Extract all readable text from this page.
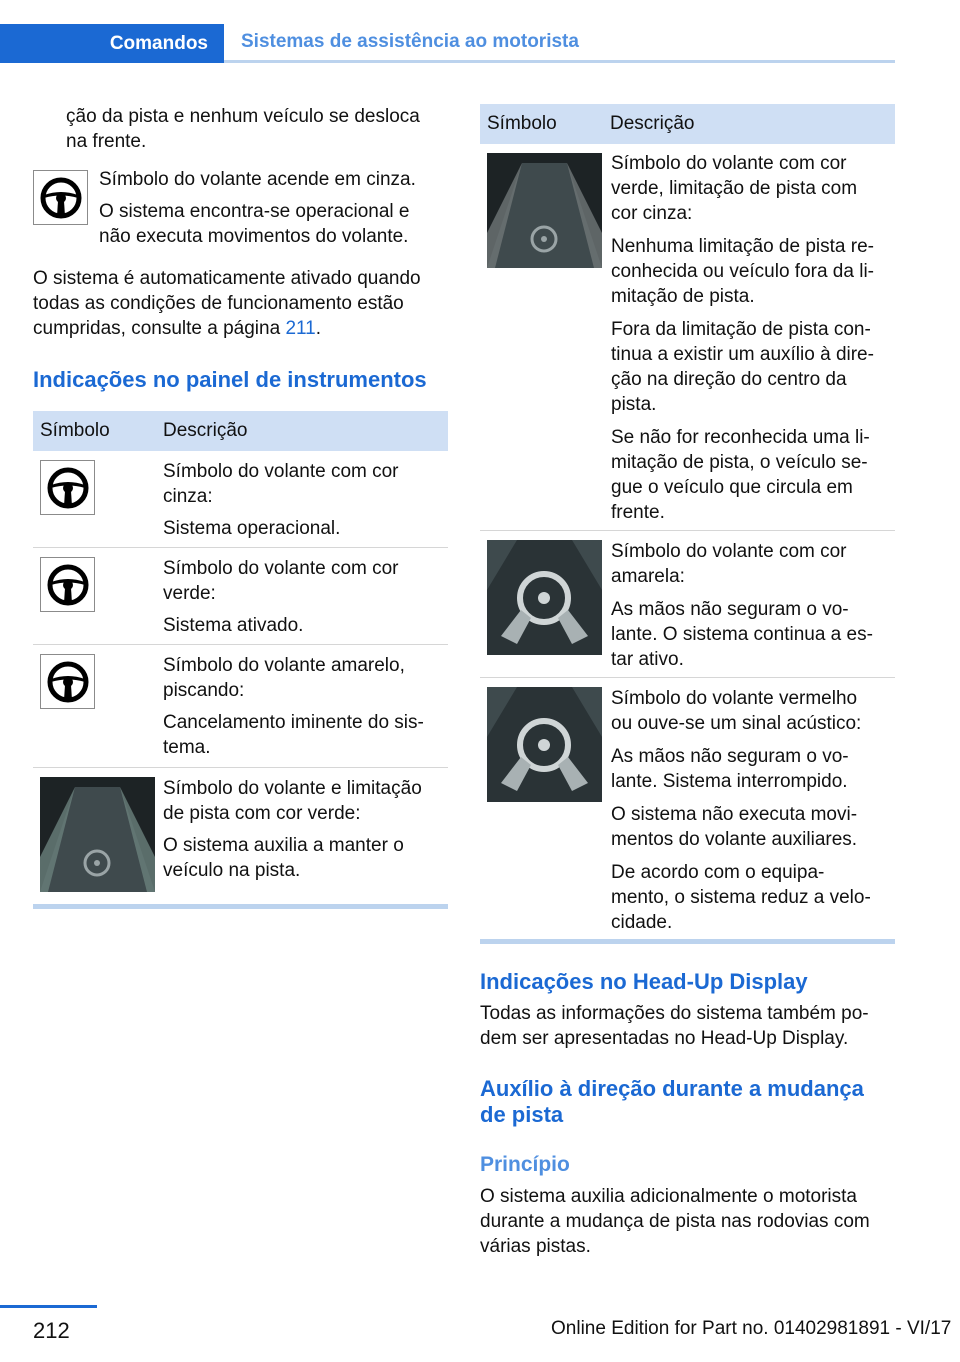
Comandos Sistemas de assistência ao motorista
ção da pista e nenhum veículo se desloca
na frente.
Símbolo do volante acende em cinza.
O sistema encontra-se operacional e
não executa movimentos do volante.
O sistema é automaticamente ativado quando
todas as condições de funcionamento estão
cumpridas, consulte a página 211.
Indicações no painel de instrumentos
Símbolo	Descrição
Símbolo do volante com cor
cinza:
Sistema operacional.
Símbolo do volante com cor
verde:
Sistema ativado.
Símbolo do volante amarelo,
piscando:
Cancelamento iminente do sis-
tema.
Símbolo do volante e limitação
de pista com cor verde:
O sistema auxilia a manter o
veículo na pista.
Símbolo	Descrição
Símbolo do volante com cor
verde, limitação de pista com
cor cinza:
Nenhuma limitação de pista re-
conhecida ou veículo fora da li-
mitação de pista.
Fora da limitação de pista con-
tinua a existir um auxílio à dire-
ção na direção do centro da
pista.
Se não for reconhecida uma li-
mitação de pista, o veículo se-
gue o veículo que circula em
frente.
Símbolo do volante com cor
amarela:
As mãos não seguram o vo-
lante. O sistema continua a es-
tar ativo.
Símbolo do volante vermelho
ou ouve-se um sinal acústico:
As mãos não seguram o vo-
lante. Sistema interrompido.
O sistema não executa movi-
mentos do volante auxiliares.
De acordo com o equipa-
mento, o sistema reduz a velo-
cidade.
Indicações no Head-Up Display
Todas as informações do sistema também po-
dem ser apresentadas no Head-Up Display.
Auxílio à direção durante a mudança
de pista
Princípio
O sistema auxilia adicionalmente o motorista
durante a mudança de pista nas rodovias com
várias pistas.
212	Online Edition for Part no. 01402981891 - VI/17
